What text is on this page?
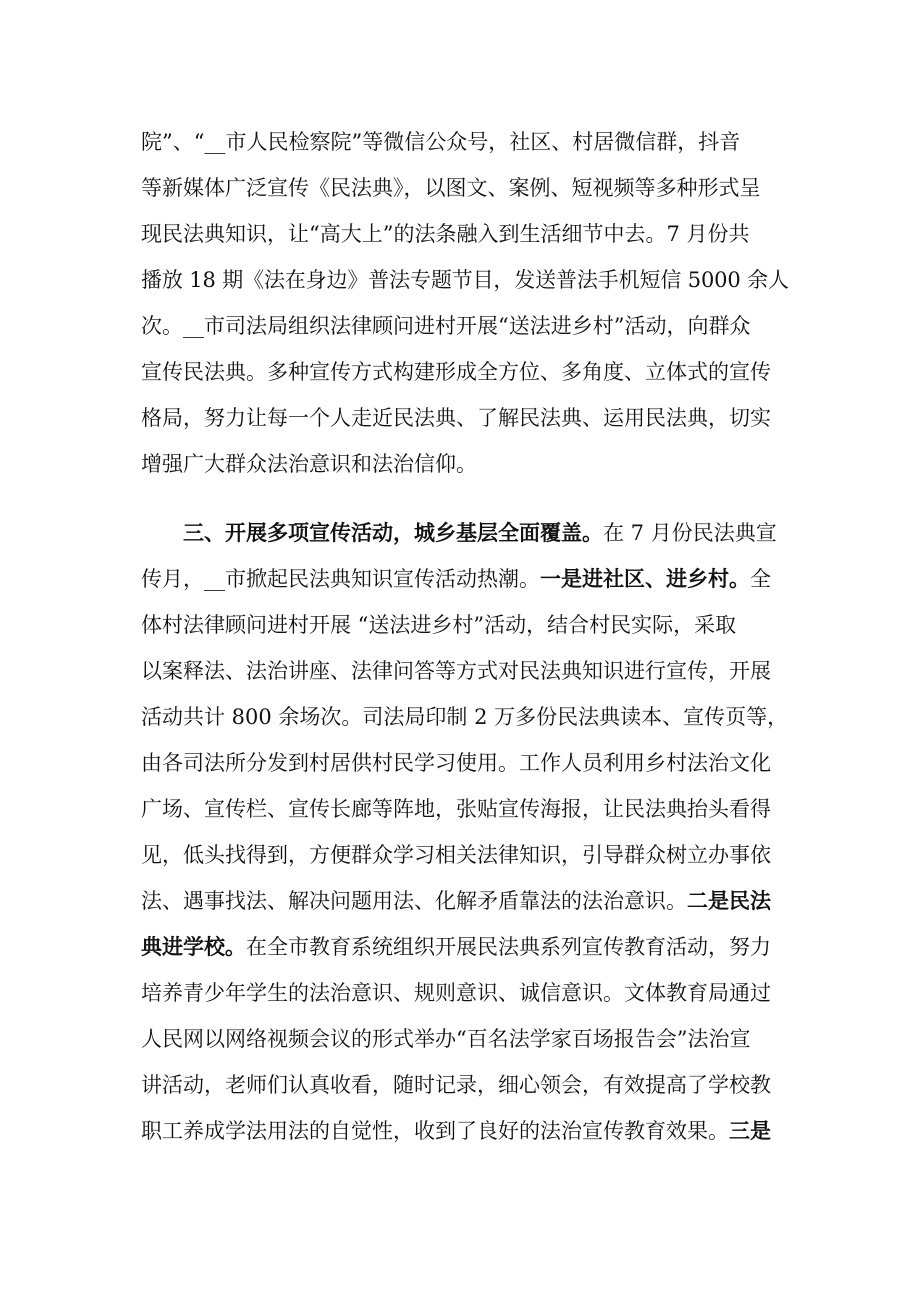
院”、“__市人民检察院”等微信公众号，社区、村居微信群，抖音
等新媒体广泛宣传《民法典》，以图文、案例、短视频等多种形式呈
现民法典知识，让“高大上”的法条融入到生活细节中去。7 月份共
播放 18 期《法在身边》普法专题节目，发送普法手机短信 5000 余人
次。__市司法局组织法律顾问进村开展“送法进乡村”活动，向群众
宣传民法典。多种宣传方式构建形成全方位、多角度、立体式的宣传
格局，努力让每一个人走近民法典、了解民法典、运用民法典，切实
增强广大群众法治意识和法治信仰。
三、开展多项宣传活动，城乡基层全面覆盖。在 7 月份民法典宣
传月，__市掀起民法典知识宣传活动热潮。一是进社区、进乡村。全
体村法律顾问进村开展 “送法进乡村”活动，结合村民实际，采取
以案释法、法治讲座、法律问答等方式对民法典知识进行宣传，开展
活动共计 800 余场次。司法局印制 2 万多份民法典读本、宣传页等，
由各司法所分发到村居供村民学习使用。工作人员利用乡村法治文化
广场、宣传栏、宣传长廊等阵地，张贴宣传海报，让民法典抬头看得
见，低头找得到，方便群众学习相关法律知识，引导群众树立办事依
法、遇事找法、解决问题用法、化解矛盾靠法的法治意识。二是民法
典进学校。在全市教育系统组织开展民法典系列宣传教育活动，努力
培养青少年学生的法治意识、规则意识、诚信意识。文体教育局通过
人民网以网络视频会议的形式举办“百名法学家百场报告会”法治宣
讲活动，老师们认真收看，随时记录，细心领会，有效提高了学校教
职工养成学法用法的自觉性，收到了良好的法治宣传教育效果。三是
